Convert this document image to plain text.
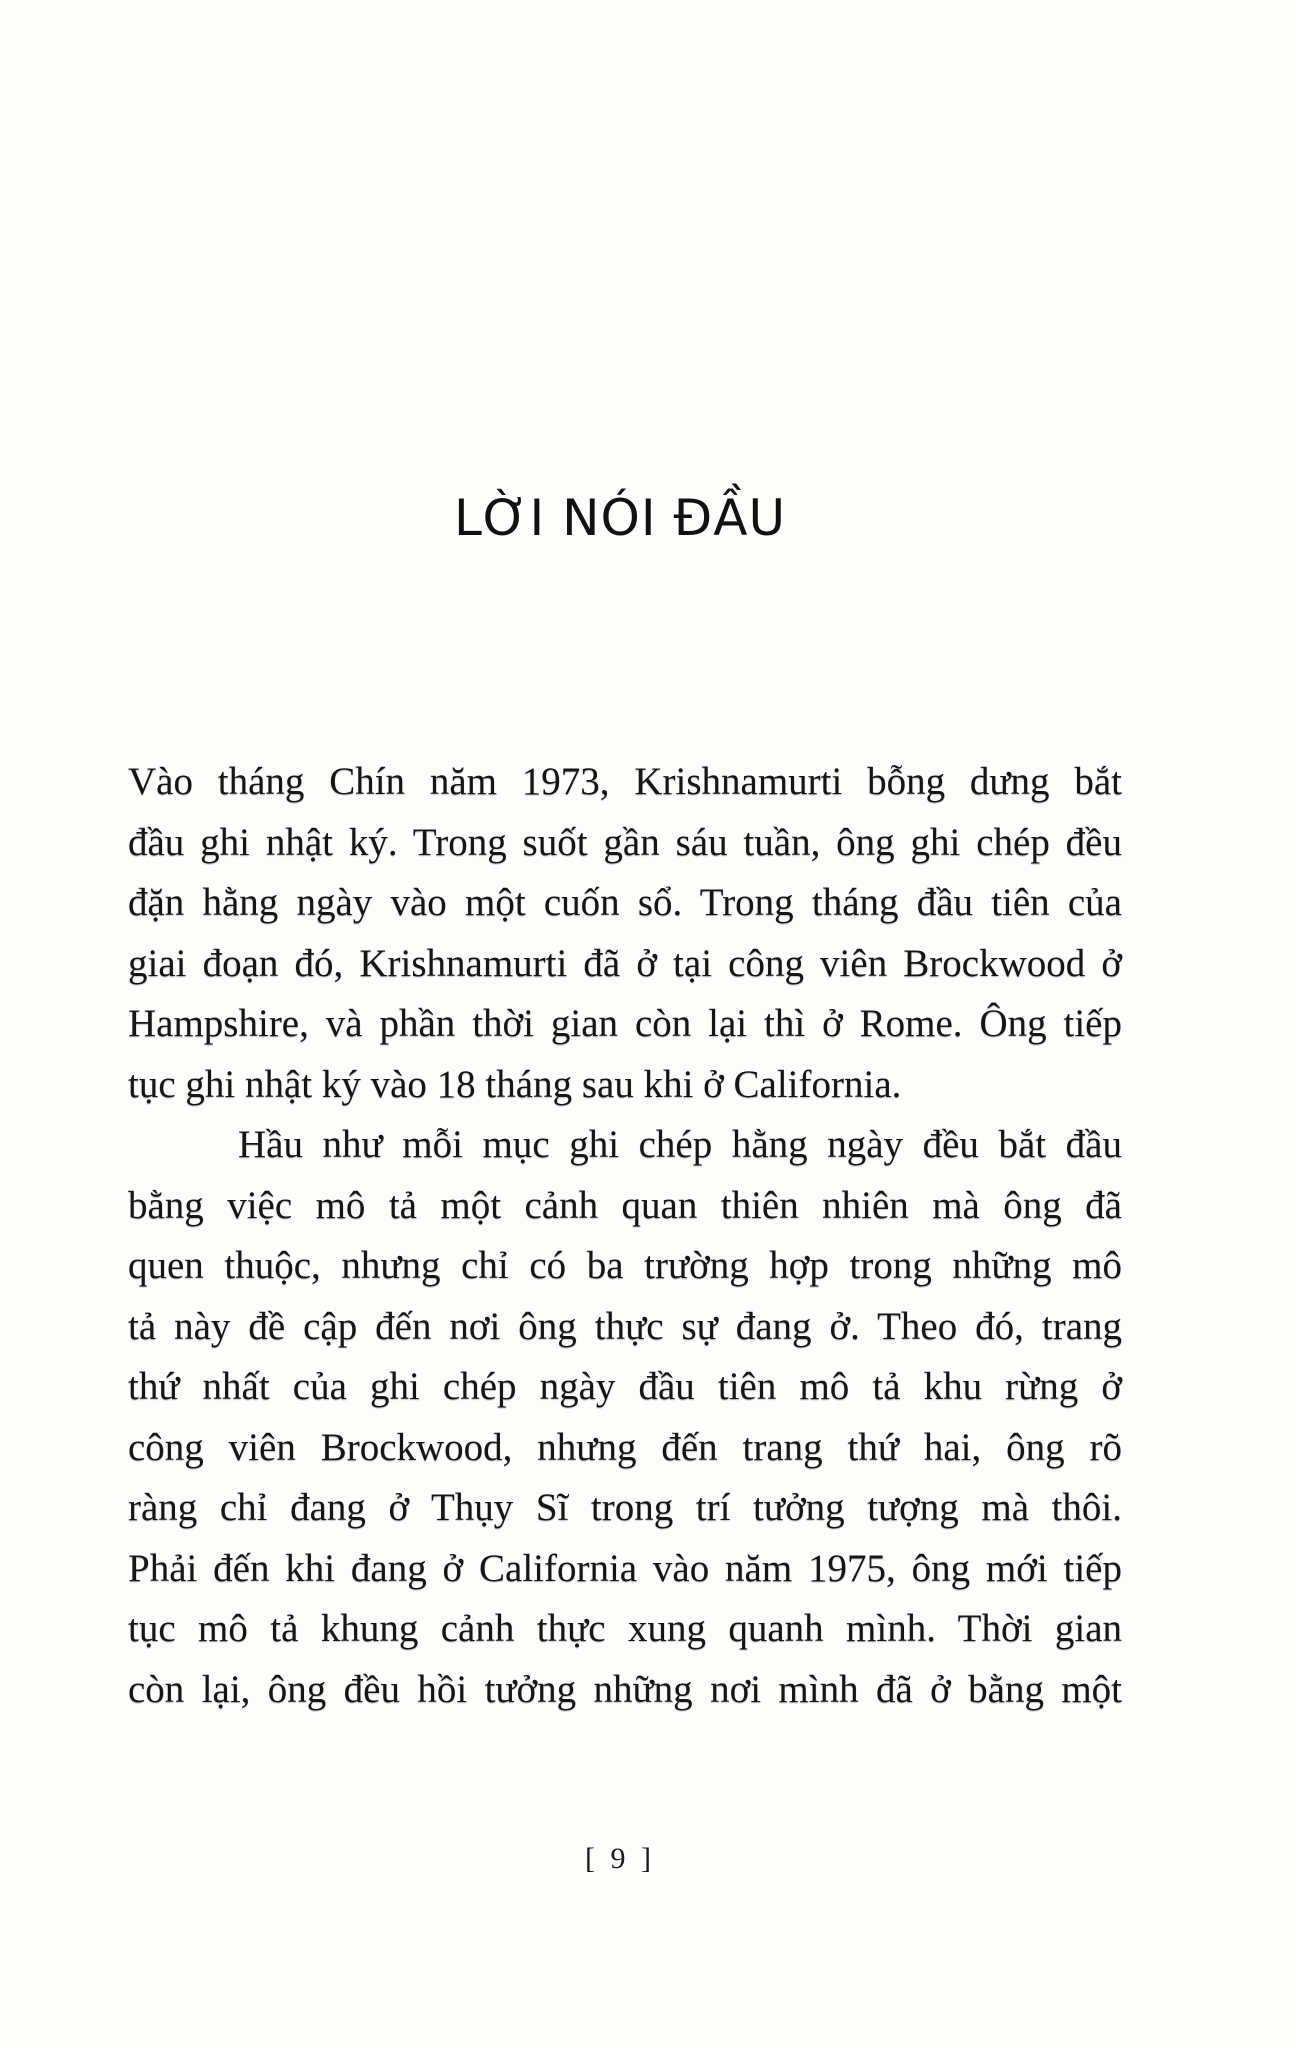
LỜI NÓI ĐẦU
Vào tháng Chín năm 1973, Krishnamurti bỗng dưng bắt
đầu ghi nhật ký. Trong suốt gần sáu tuần, ông ghi chép đều
đặn hằng ngày vào một cuốn sổ. Trong tháng đầu tiên của
giai đoạn đó, Krishnamurti đã ở tại công viên Brockwood ở
Hampshire, và phần thời gian còn lại thì ở Rome. Ông tiếp
tục ghi nhật ký vào 18 tháng sau khi ở California.
Hầu như mỗi mục ghi chép hằng ngày đều bắt đầu
bằng việc mô tả một cảnh quan thiên nhiên mà ông đã
quen thuộc, nhưng chỉ có ba trường hợp trong những mô
tả này đề cập đến nơi ông thực sự đang ở. Theo đó, trang
thứ nhất của ghi chép ngày đầu tiên mô tả khu rừng ở
công viên Brockwood, nhưng đến trang thứ hai, ông rõ
ràng chỉ đang ở Thụy Sĩ trong trí tưởng tượng mà thôi.
Phải đến khi đang ở California vào năm 1975, ông mới tiếp
tục mô tả khung cảnh thực xung quanh mình. Thời gian
còn lại, ông đều hồi tưởng những nơi mình đã ở bằng một
[ 9 ]
